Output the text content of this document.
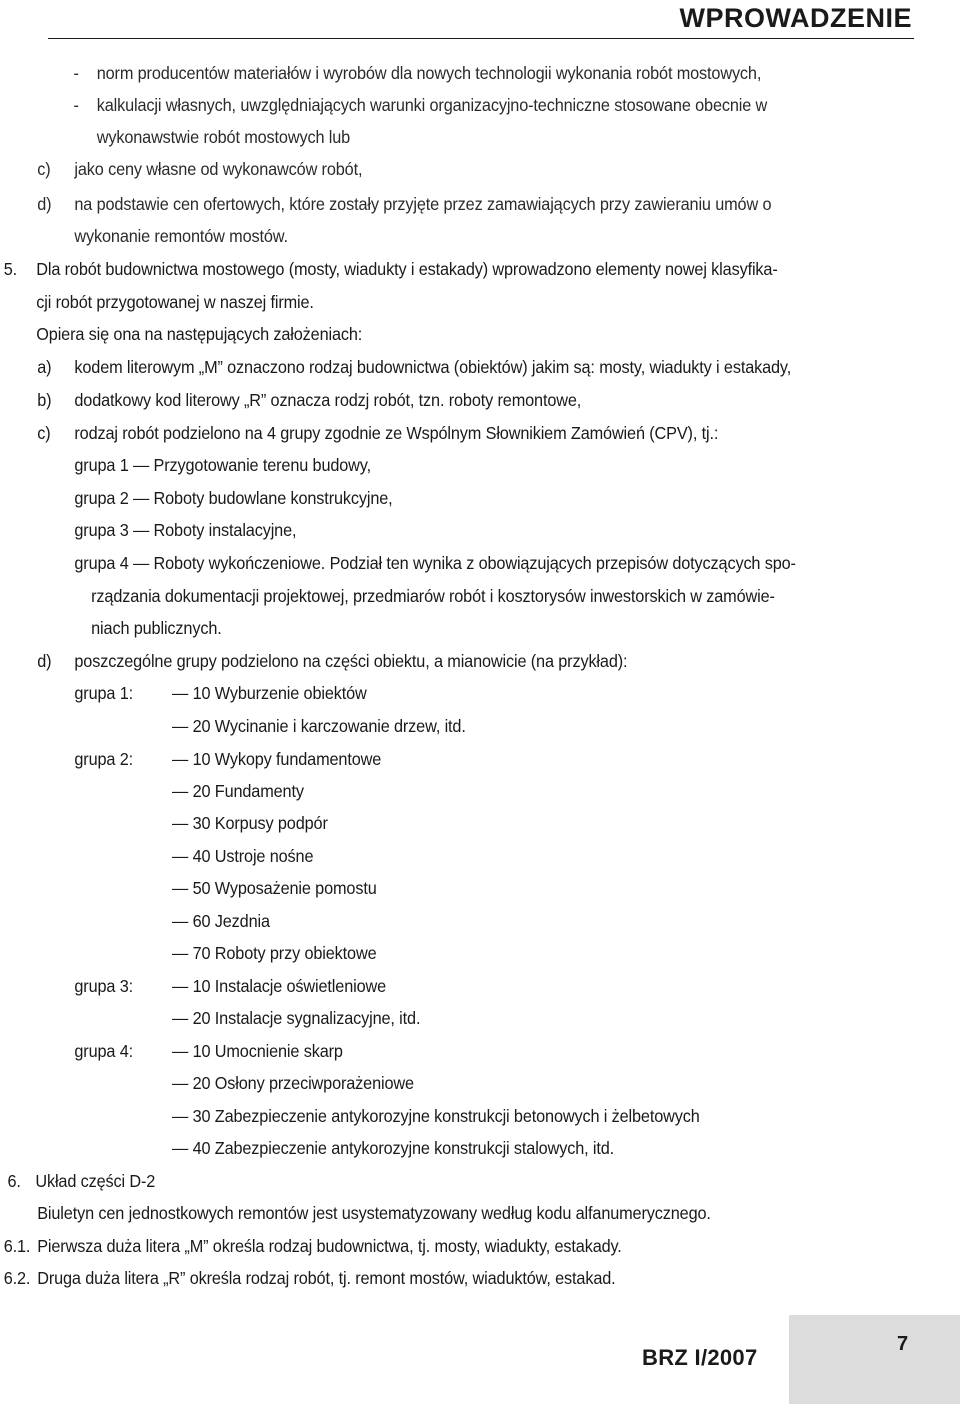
WPROWADZENIE
-	norm producentów materiałów i wyrobów dla nowych technologii wykonania robót mostowych,
-	kalkulacji własnych, uwzględniających warunki organizacyjno-techniczne stosowane obecnie w
wykonawstwie robót mostowych lub
c)	jako ceny własne od wykonawców robót,
d)	na podstawie cen ofertowych, które zostały przyjęte przez zamawiających przy zawieraniu umów o
wykonanie remontów mostów.
5.	Dla robót budownictwa mostowego (mosty, wiadukty i estakady) wprowadzono elementy nowej klasyfika-
cji robót przygotowanej w naszej firmie.
Opiera się ona na następujących założeniach:
a)	kodem literowym „M” oznaczono rodzaj budownictwa (obiektów) jakim są: mosty, wiadukty i estakady,
b)	dodatkowy kod literowy „R” oznacza rodzj robót, tzn. roboty remontowe,
c)	rodzaj robót podzielono na 4 grupy zgodnie ze Wspólnym Słownikiem Zamówień (CPV), tj.:
grupa 1 — Przygotowanie terenu budowy,
grupa 2 — Roboty budowlane konstrukcyjne,
grupa 3 — Roboty instalacyjne,
grupa 4 — Roboty wykończeniowe. Podział ten wynika z obowiązujących przepisów dotyczących spo-
rządzania dokumentacji projektowej, przedmiarów robót i kosztorysów inwestorskich w zamówie-
niach publicznych.
d)	poszczególne grupy podzielono na części obiektu, a mianowicie (na przykład):
grupa 1:	— 10 Wyburzenie obiektów
— 20 Wycinanie i karczowanie drzew, itd.
grupa 2:	— 10 Wykopy fundamentowe
— 20 Fundamenty
— 30 Korpusy podpór
— 40 Ustroje nośne
— 50 Wyposażenie pomostu
— 60 Jezdnia
— 70 Roboty przy obiektowe
grupa 3:	— 10 Instalacje oświetleniowe
— 20 Instalacje sygnalizacyjne, itd.
grupa 4:	— 10 Umocnienie skarp
— 20 Osłony przeciwporażeniowe
— 30 Zabezpieczenie antykorozyjne konstrukcji betonowych i żelbetowych
— 40 Zabezpieczenie antykorozyjne konstrukcji stalowych, itd.
6. Układ części D-2
Biuletyn cen jednostkowych remontów jest usystematyzowany według kodu alfanumerycznego.
6.1. Pierwsza duża litera „M” określa rodzaj budownictwa, tj. mosty, wiadukty, estakady.
6.2. Druga duża litera „R” określa rodzaj robót, tj. remont mostów, wiaduktów, estakad.
7
BRZ I/2007
